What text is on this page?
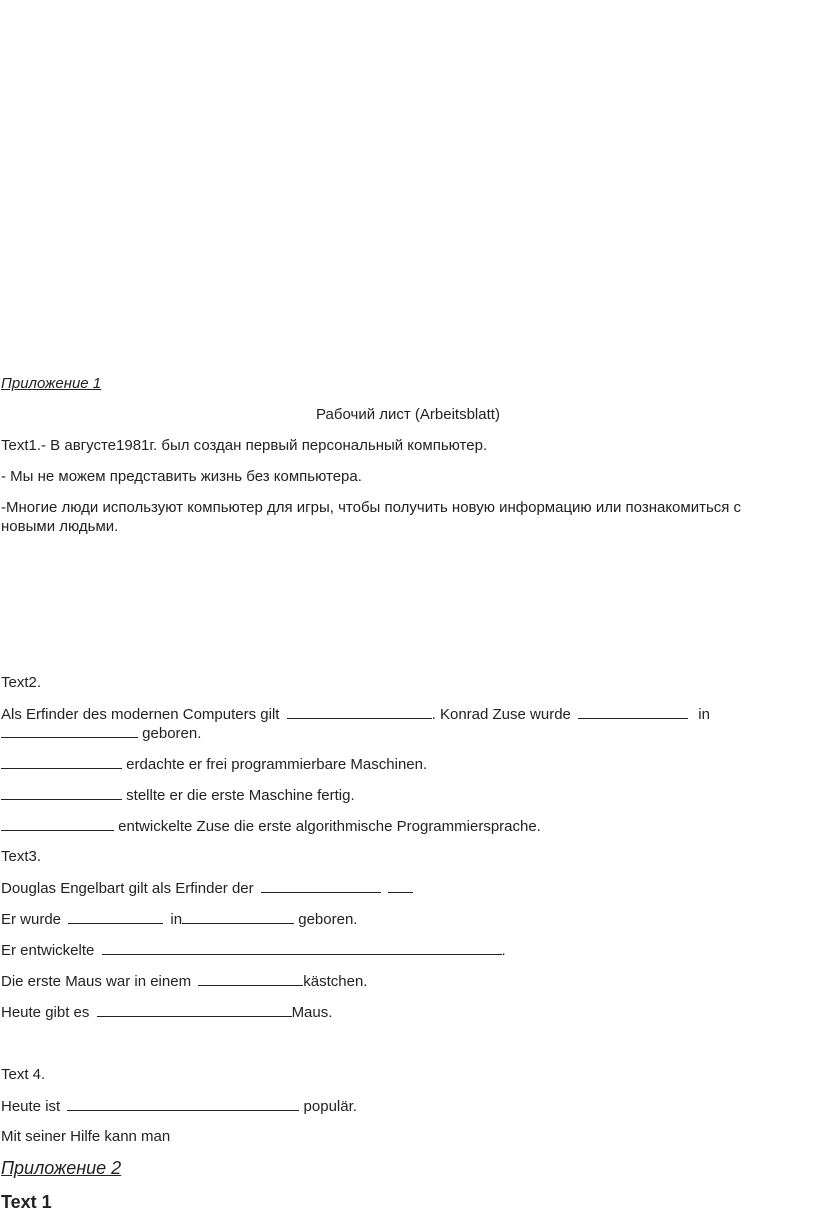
Приложение 1
Рабочий лист (Arbeitsblatt)
Text1.- В августе1981г. был создан первый персональный компьютер.
- Мы не можем представить жизнь без компьютера.
-Многие люди используют компьютер для игры, чтобы получить новую информацию или познакомиться с новыми людьми.
Text2.
Als Erfinder des modernen Computers gilt	. Konrad Zuse wurde	in
geboren.
erdachte er frei programmierbare Maschinen.
stellte er die erste Maschine fertig.
entwickelte Zuse die erste algorithmische Programmiersprache.
Text3.
Douglas Engelbart gilt als Erfinder der
Er wurde	in	geboren.
Er entwickelte	.
Die erste Maus war in einem	kästchen.
Heute gibt es	Maus.
Text 4.
Heute ist	populär.
Mit seiner Hilfe kann man
Приложение 2
Text 1
